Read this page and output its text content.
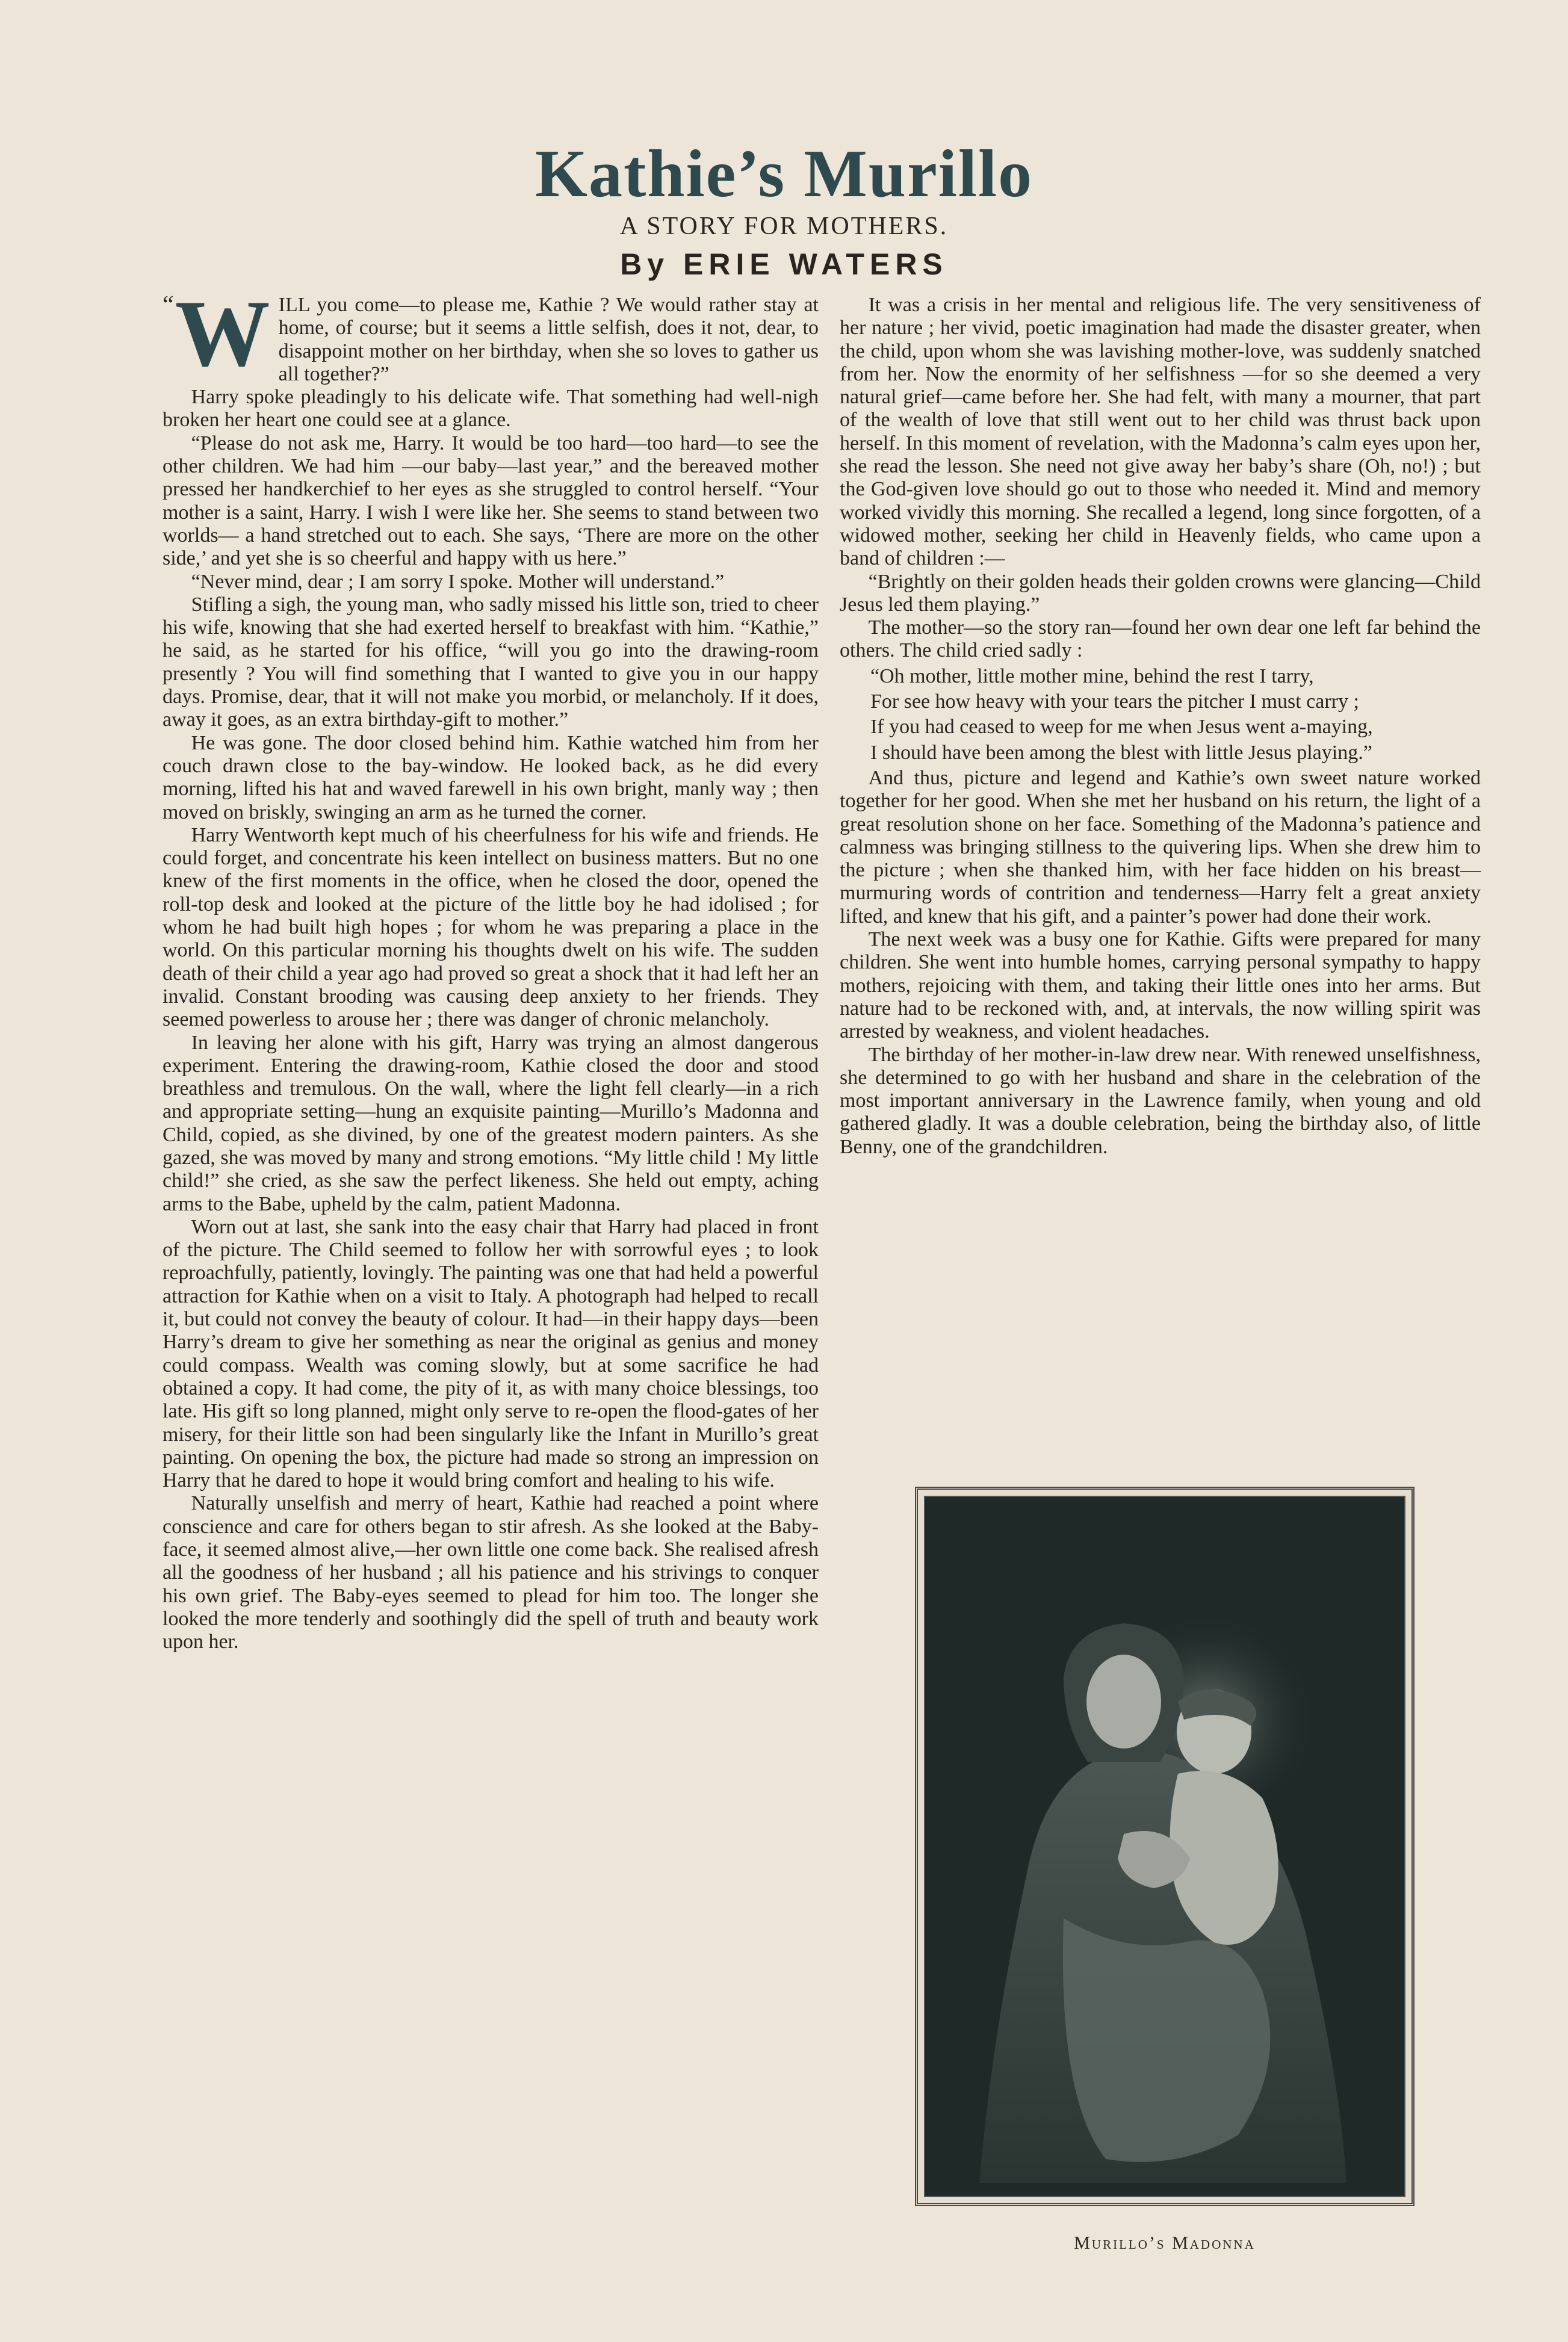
Kathie’s Murillo

A STORY FOR MOTHERS.

By ERIE WATERS

“ W ILL you come—to please me, Kathie ? We would rather stay at home, of course; but it seems a little selfish, does it not, dear, to disappoint mother on her birthday, when she so loves to gather us all together?”

Harry spoke pleadingly to his delicate wife. That something had well-nigh broken her heart one could see at a glance.

“Please do not ask me, Harry. It would be too hard—too hard—to see the other children. We had him —our baby—last year,” and the bereaved mother pressed her handkerchief to her eyes as she struggled to control herself. “Your mother is a saint, Harry. I wish I were like her. She seems to stand between two worlds— a hand stretched out to each. She says, ‘There are more on the other side,’ and yet she is so cheerful and happy with us here.”

“Never mind, dear ; I am sorry I spoke. Mother will understand.”

Stifling a sigh, the young man, who sadly missed his little son, tried to cheer his wife, knowing that she had exerted herself to breakfast with him. “Kathie,” he said, as he started for his office, “will you go into the drawing-room presently ? You will find something that I wanted to give you in our happy days. Promise, dear, that it will not make you morbid, or melancholy. If it does, away it goes, as an extra birthday-gift to mother.”

He was gone. The door closed behind him. Kathie watched him from her couch drawn close to the bay-window. He looked back, as he did every morning, lifted his hat and waved farewell in his own bright, manly way ; then moved on briskly, swinging an arm as he turned the corner.

Harry Wentworth kept much of his cheerfulness for his wife and friends. He could forget, and concentrate his keen intellect on business matters. But no one knew of the first moments in the office, when he closed the door, opened the roll-top desk and looked at the picture of the little boy he had idolised ; for whom he had built high hopes ; for whom he was preparing a place in the world. On this particular morning his thoughts dwelt on his wife. The sudden death of their child a year ago had proved so great a shock that it had left her an invalid. Constant brooding was causing deep anxiety to her friends. They seemed powerless to arouse her ; there was danger of chronic melancholy.

In leaving her alone with his gift, Harry was trying an almost dangerous experiment. Entering the drawing-room, Kathie closed the door and stood breathless and tremulous. On the wall, where the light fell clearly—in a rich and appropriate setting—hung an exquisite painting—Murillo’s Madonna and Child, copied, as she divined, by one of the greatest modern painters. As she gazed, she was moved by many and strong emotions. “My little child ! My little child!” she cried, as she saw the perfect likeness. She held out empty, aching arms to the Babe, upheld by the calm, patient Madonna.

Worn out at last, she sank into the easy chair that Harry had placed in front of the picture. The Child seemed to follow her with sorrowful eyes ; to look reproachfully, patiently, lovingly. The painting was one that had held a powerful attraction for Kathie when on a visit to Italy. A photograph had helped to recall it, but could not convey the beauty of colour. It had—in their happy days—been Harry’s dream to give her something as near the original as genius and money could compass. Wealth was coming slowly, but at some sacrifice he had obtained a copy. It had come, the pity of it, as with many choice blessings, too late. His gift so long planned, might only serve to re-open the flood-gates of her misery, for their little son had been singularly like the Infant in Murillo’s great painting. On opening the box, the picture had made so strong an impression on Harry that he dared to hope it would bring comfort and healing to his wife.

Naturally unselfish and merry of heart, Kathie had reached a point where conscience and care for others began to stir afresh. As she looked at the Baby-face, it seemed almost alive,—her own little one come back. She realised afresh all the goodness of her husband ; all his patience and his strivings to conquer his own grief. The Baby-eyes seemed to plead for him too. The longer she looked the more tenderly and soothingly did the spell of truth and beauty work upon her.

It was a crisis in her mental and religious life. The very sensitiveness of her nature ; her vivid, poetic imagination had made the disaster greater, when the child, upon whom she was lavishing mother-love, was suddenly snatched from her. Now the enormity of her selfishness —for so she deemed a very natural grief—came before her. She had felt, with many a mourner, that part of the wealth of love that still went out to her child was thrust back upon herself. In this moment of revelation, with the Madonna’s calm eyes upon her, she read the lesson. She need not give away her baby’s share (Oh, no!) ; but the God-given love should go out to those who needed it. Mind and memory worked vividly this morning. She recalled a legend, long since forgotten, of a widowed mother, seeking her child in Heavenly fields, who came upon a band of children :—

“Brightly on their golden heads their golden crowns were glancing—Child Jesus led them playing.”

The mother—so the story ran—found her own dear one left far behind the others. The child cried sadly :

“Oh mother, little mother mine, behind the rest I tarry,

For see how heavy with your tears the pitcher I must carry ;

If you had ceased to weep for me when Jesus went a-maying,

I should have been among the blest with little Jesus playing.”

And thus, picture and legend and Kathie’s own sweet nature worked together for her good. When she met her husband on his return, the light of a great resolution shone on her face. Something of the Madonna’s patience and calmness was bringing stillness to the quivering lips. When she drew him to the picture ; when she thanked him, with her face hidden on his breast—murmuring words of contrition and tenderness—Harry felt a great anxiety lifted, and knew that his gift, and a painter’s power had done their work.

The next week was a busy one for Kathie. Gifts were prepared for many children. She went into humble homes, carrying personal sympathy to happy mothers, rejoicing with them, and taking their little ones into her arms. But nature had to be reckoned with, and, at intervals, the now willing spirit was arrested by weakness, and violent headaches.

The birthday of her mother-in-law drew near. With renewed unselfishness, she determined to go with her husband and share in the celebration of the most important anniversary in the Lawrence family, when young and old gathered gladly. It was a double celebration, being the birthday also, of little Benny, one of the grandchildren.

Murillo’s Madonna
